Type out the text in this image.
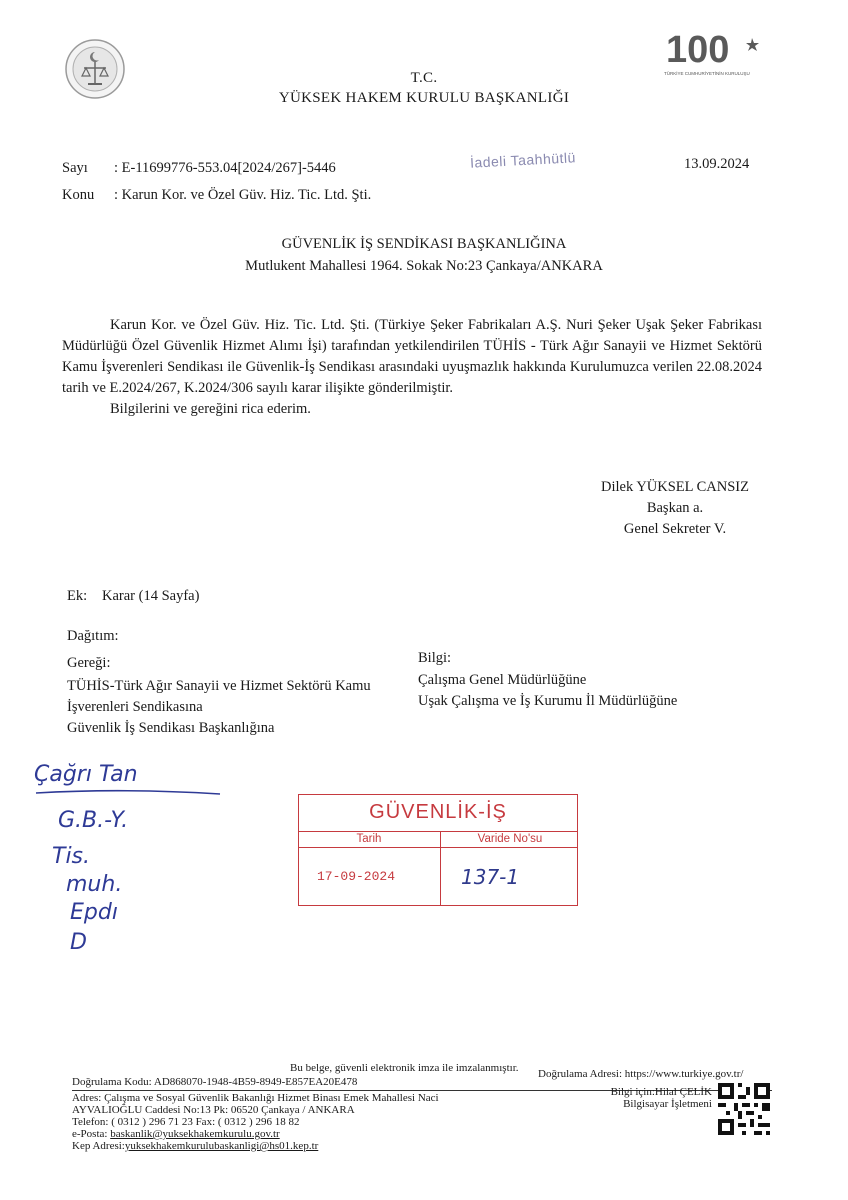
100
TÜRKİYE CUMHURİYETİNİN KURULUŞU
T.C.
YÜKSEK HAKEM KURULU BAŞKANLIĞI
Sayı : E-11699776-553.04[2024/267]-5446	İadeli Taahhütlü	13.09.2024
Konu : Karun Kor. ve Özel Güv. Hiz. Tic. Ltd. Şti.
GÜVENLİK İŞ SENDİKASI BAŞKANLIĞINA
Mutlukent Mahallesi 1964. Sokak No:23 Çankaya/ANKARA

Karun Kor. ve Özel Güv. Hiz. Tic. Ltd. Şti. (Türkiye Şeker Fabrikaları A.Ş. Nuri Şeker Uşak Şeker Fabrikası Müdürlüğü Özel Güvenlik Hizmet Alımı İşi) tarafından yetkilendirilen TÜHİS - Türk Ağır Sanayii ve Hizmet Sektörü Kamu İşverenleri Sendikası ile Güvenlik-İş Sendikası arasındaki uyuşmazlık hakkında Kurulumuzca verilen 22.08.2024 tarih ve E.2024/267, K.2024/306 sayılı karar ilişikte gönderilmiştir.

Bilgilerini ve gereğini rica ederim.

Dilek YÜKSEL CANSIZ
Başkan a.
Genel Sekreter V.
Ek: Karar (14 Sayfa)
Dağıtım:
Gereği:
TÜHİS-Türk Ağır Sanayii ve Hizmet Sektörü Kamu
İşverenleri Sendikasına
Güvenlik İş Sendikası Başkanlığına
Bilgi:
Çalışma Genel Müdürlüğüne
Uşak Çalışma ve İş Kurumu İl Müdürlüğüne
Çağrı Tan
G.B.-Y.
Tis.
muh.
Epdı
D
GÜVENLİK-İŞ
Tarih	Varide No'su
17-09-2024	137-1
Bu belge, güvenli elektronik imza ile imzalanmıştır.
Doğrulama Kodu: AD868070-1948-4B59-8949-E857EA20E478
Doğrulama Adresi: https://www.turkiye.gov.tr/
Adres: Çalışma ve Sosyal Güvenlik Bakanlığı Hizmet Binası Emek Mahallesi Naci
AYVALIOĞLU Caddesi No:13 Pk: 06520 Çankaya / ANKARA
Telefon: ( 0312 ) 296 71 23 Fax: ( 0312 ) 296 18 82
e-Posta: baskanlik@yuksekhakemkurulu.gov.tr
Kep Adresi:yuksekhakemkurulubaskanligi@hs01.kep.tr
Bilgi için:Hilal ÇELİK
Bilgisayar İşletmeni
